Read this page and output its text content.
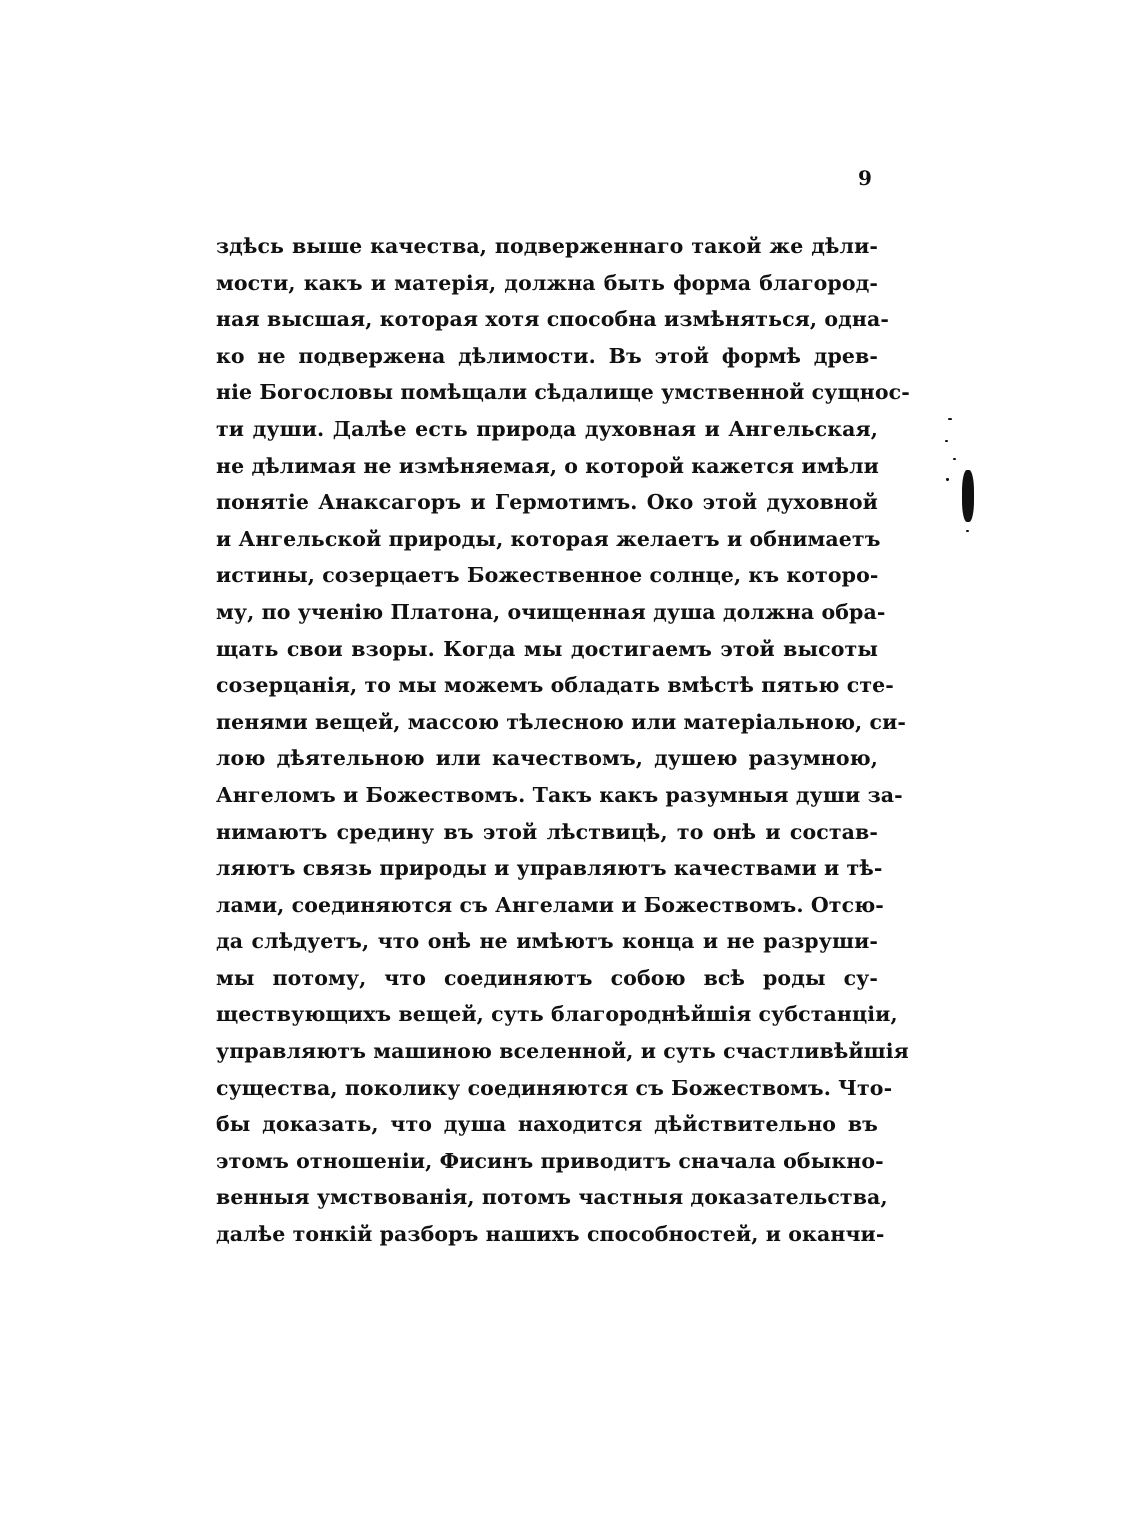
9
здѣсь выше качества, подверженнаго такой же дѣли-
мости, какъ и матерія, должна быть форма благород-
ная высшая, которая хотя способна измѣняться, одна-
ко не подвержена дѣлимости. Въ этой формѣ древ-
ніе Богословы помѣщали сѣдалище умственной сущнос-
ти души. Далѣе есть природа духовная и Ангельская,
не дѣлимая не измѣняемая, о которой кажется имѣли
понятіе Анаксагоръ и Гермотимъ. Око этой духовной
и Ангельской природы, которая желаетъ и обнимаетъ
истины, созерцаетъ Божественное солнце, къ которо-
му, по ученію Платона, очищенная душа должна обра-
щать свои взоры. Когда мы достигаемъ этой высоты
созерцанія, то мы можемъ обладать вмѣстѣ пятью сте-
пенями вещей, массою тѣлесною или матеріальною, си-
лою дѣятельною или качествомъ, душею разумною,
Ангеломъ и Божествомъ. Такъ какъ разумныя души за-
нимаютъ средину въ этой лѣствицѣ, то онѣ и состав-
ляютъ связь природы и управляютъ качествами и тѣ-
лами, соединяются съ Ангелами и Божествомъ. Отсю-
да слѣдуетъ, что онѣ не имѣютъ конца и не разруши-
мы потому, что соединяютъ собою всѣ роды су-
ществующихъ вещей, суть благороднѣйшія субстанціи,
управляютъ машиною вселенной, и суть счастливѣйшія
существа, поколику соединяются съ Божествомъ. Что-
бы доказать, что душа находится дѣйствительно въ
этомъ отношеніи, Фисинъ приводитъ сначала обыкно-
венныя умствованія, потомъ частныя доказательства,
далѣе тонкій разборъ нашихъ способностей, и оканчи-
